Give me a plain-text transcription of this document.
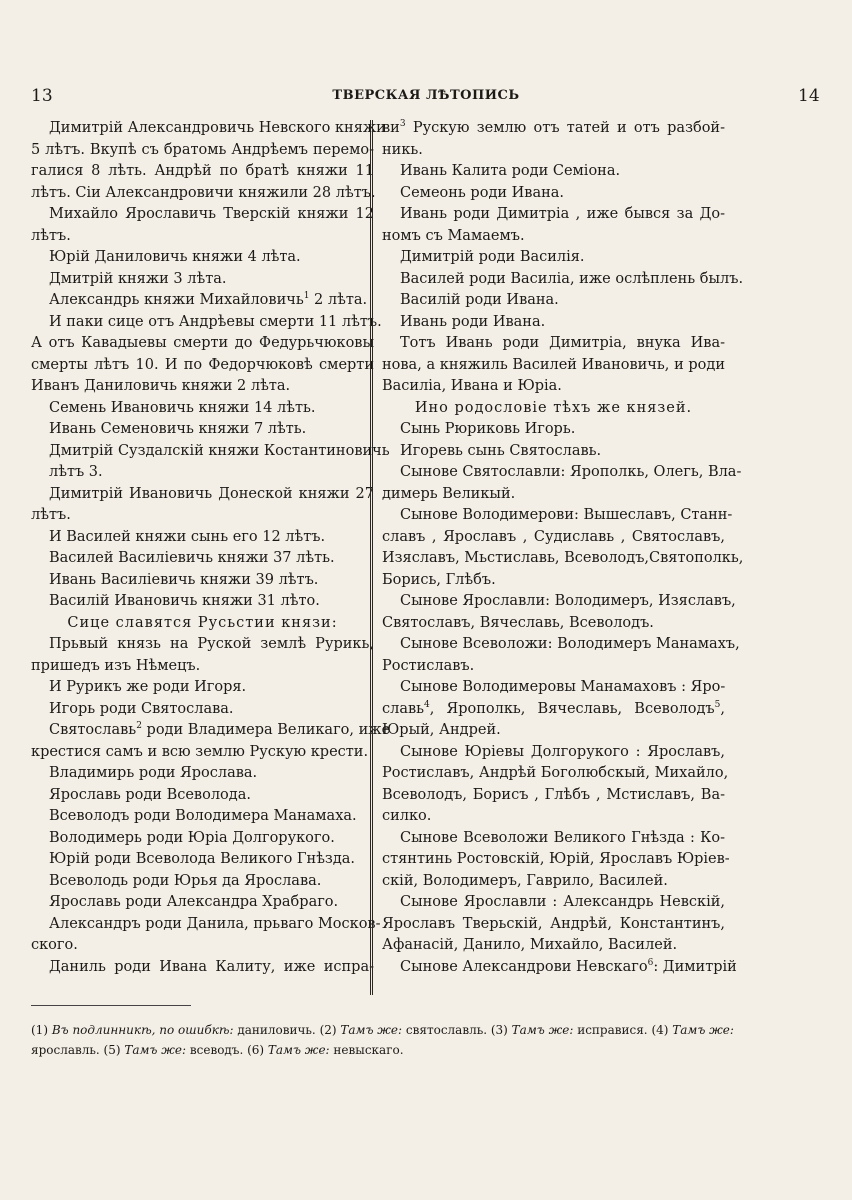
13	ТВЕРСКАЯ ЛѢТОПИСЬ	14
Димитрій Александровичь Невского княжи
5 лѣтъ. Вкупѣ съ братомь Андрѣемъ перемо-
галися 8 лѣть. Андрѣй по братѣ княжи 11
лѣтъ. Сіи Александровичи княжили 28 лѣтъ.
Михайло Ярославичь Тверскій княжи 12
лѣтъ.
Юрій Даниловичь княжи 4 лѣта.
Дмитрій княжи 3 лѣта.
Александрь княжи Михайловичь$^1$ 2 лѣта.
И паки сице отъ Андрѣевы смерти 11 лѣтъ.
А отъ Кавадыевы смерти до Федурьчюковы
смерты лѣтъ 10. И по Федорчюковѣ смерти
Иванъ Даниловичь княжи 2 лѣта.
Семень Ивановичь княжи 14 лѣть.
Ивань Семеновичь княжи 7 лѣть.
Дмитрій Суздалскій княжи Костантиновичь
лѣтъ 3.
Димитрій Ивановичь Донеской княжи 27
лѣтъ.
И Василей княжи сынь его 12 лѣтъ.
Василей Василіевичь княжи 37 лѣть.
Ивань Василіевичь княжи 39 лѣтъ.
Василій Ивановичь княжи 31 лѣто.
Сице славятся Русьстии князи:
Прьвый князь на Руской землѣ Рурикь,
пришедъ изъ Нѣмецъ.
И Рурикъ же роди Игоря.
Игорь роди Святослава.
Святославь$^2$ роди Владимера Великаго, иже
крестися самъ и всю землю Рускую крести.
Владимирь роди Ярослава.
Ярославь роди Всеволода.
Всеволодъ роди Володимера Манамаха.
Володимерь роди Юріа Долгорукого.
Юрій роди Всеволода Великого Гнѣзда.
Всеволодь роди Юрья да Ярослава.
Ярославь роди Александра Храбраго.
Александръ роди Данила, прьваго Москов-
ского.
Даниль роди Ивана Калиту, иже испра-
$ви^3$ Рускую землю отъ татей и отъ разбой-
никь.
Ивань Калита роди Семіона.
Семеонь роди Ивана.
Ивань роди Димитріа , иже бывся за До-
номъ съ Мамаемъ.
Димитрій роди Василія.
Василей роди Василіа, иже ослѣплень былъ.
Василій роди Ивана.
Ивань роди Ивана.
Тотъ Ивань роди Димитріа, внука Ива-
нова, а княжиль Василей Ивановичь, и роди
Василіа, Ивана и Юріа.
Ино родословіе тѣхъ же князей.
Сынь Рюриковь Игорь.
Игоревь сынь Святославь.
Сынове Святославли: Ярополкь, Олегь, Вла-
димерь Великый.
Сынове Володимерови: Вышеславъ, Станн-
славъ , Ярославъ , Судиславь , Святославъ,
Изяславъ, Мьстиславь, Всеволодъ,Святополкь,
Борись, Глѣбъ.
Сынове Ярославли: Володимеръ, Изяславъ,
Святославъ, Вячеславь, Всеволодъ.
Сынове Всеволожи: Володимеръ Манамахъ,
Ростиславъ.
Сынове Володимеровы Манамаховъ : Яро-
славь$^4$, Ярополкь, Вячеславь, Всеволодъ$^5$,
Юрый, Андрей.
Сынове Юріевы Долгорукого : Ярославъ,
Ростиславъ, Андрѣй Боголюбскый, Михайло,
Всеволодъ, Борисъ , Глѣбъ , Мстиславъ, Ва-
силко.
Сынове Всеволожи Великого Гнѣзда : Ко-
стянтинь Ростовскій, Юрій, Ярославъ Юріев-
скій, Володимеръ, Гаврило, Василей.
Сынове Ярославли : Александрь Невскій,
Ярославъ Тверьскій, Андрѣй, Константинъ,
Афанасій, Данило, Михайло, Василей.
Сынове Александрови Невскаго$^6$: Димитрій
(1) Въ подлинникѣ, по ошибкѣ: даниловичь. (2) Тамъ же: святославль. (3) Тамъ же: исправися. (4) Тамъ же:
ярославль. (5) Тамъ же: всеводъ. (6) Тамъ же: невыскаго.
